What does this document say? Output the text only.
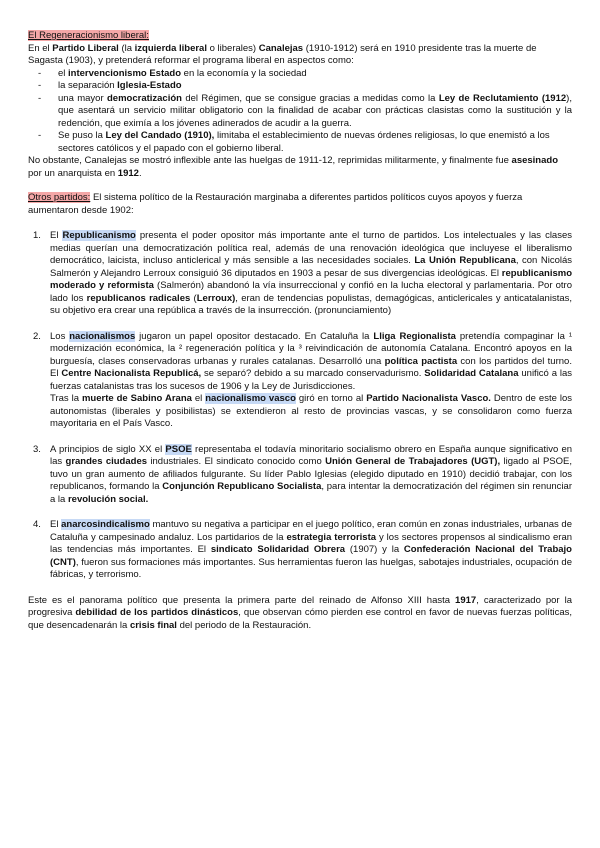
El Regeneracionismo liberal:

En el Partido Liberal (la izquierda liberal o liberales) Canalejas (1910-1912) será en 1910 presidente tras la muerte de Sagasta (1903), y pretenderá reformar el programa liberal en aspectos como:

- el intervencionismo Estado en la economía y la sociedad
- la separación Iglesia-Estado
- una mayor democratización del Régimen, que se consigue gracias a medidas como la Ley de Reclutamiento (1912), que asentará un servicio militar obligatorio con la finalidad de acabar con prácticas clasistas como la sustitución y la redención, que eximía a los jóvenes adinerados de acudir a la guerra.
- Se puso la Ley del Candado (1910), limitaba el establecimiento de nuevas órdenes religiosas, lo que enemistó a los sectores católicos y el papado con el gobierno liberal.

No obstante, Canalejas se mostró inflexible ante las huelgas de 1911-12, reprimidas militarmente, y finalmente fue asesinado por un anarquista en 1912.

Otros partidos: El sistema político de la Restauración marginaba a diferentes partidos políticos cuyos apoyos y fuerza aumentaron desde 1902:

1. El Republicanismo presenta el poder opositor más importante ante el turno de partidos. Los intelectuales y las clases medias querían una democratización política real, además de una renovación ideológica que incluyese el liberalismo democrático, laicista, incluso anticlerical y más sensible a las necesidades sociales. La Unión Republicana, con Nicolás Salmerón y Alejandro Lerroux consiguió 36 diputados en 1903 a pesar de sus divergencias ideológicas. El republicanismo moderado y reformista (Salmerón) abandonó la vía insurreccional y confió en la lucha electoral y parlamentaria. Por otro lado los republicanos radicales (Lerroux), eran de tendencias populistas, demagógicas, anticlericales y anticatalanistas, su objetivo era crear una república a través de la insurrección. (pronunciamiento)
2. Los nacionalismos jugaron un papel opositor destacado. En Cataluña la Lliga Regionalista pretendía compaginar la ¹ modernización económica, la ² regeneración política y la ³ reivindicación de autonomía Catalana. Encontró apoyos en la burguesía, clases conservadoras urbanas y rurales catalanas. Desarrolló una política pactista con los partidos del turno. El Centre Nacionalista Republicá, se separó? debido a su marcado conservadurismo. Solidaridad Catalana unificó a las fuerzas catalanistas tras los sucesos de 1906 y la Ley de Jurisdicciones.

Tras la muerte de Sabino Arana el nacionalismo vasco giró en torno al Partido Nacionalista Vasco. Dentro de este los autonomistas (liberales y posibilistas) se extendieron al resto de provincias vascas, y se consolidaron como fuerza mayoritaria en el País Vasco.

3. A principios de siglo XX el PSOE representaba el todavía minoritario socialismo obrero en España aunque significativo en las grandes ciudades industriales. El sindicato conocido como Unión General de Trabajadores (UGT), ligado al PSOE, tuvo un gran aumento de afiliados fulgurante. Su líder Pablo Iglesias (elegido diputado en 1910) decidió trabajar, con los republicanos, formando la Conjunción Republicano Socialista, para intentar la democratización del régimen sin renunciar a la revolución social.
4. El anarcosindicalismo mantuvo su negativa a participar en el juego político, eran común en zonas industriales, urbanas de Cataluña y campesinado andaluz. Los partidarios de la estrategia terrorista y los sectores propensos al sindicalismo eran las tendencias más importantes. El sindicato Solidaridad Obrera (1907) y la Confederación Nacional del Trabajo (CNT), fueron sus formaciones más importantes. Sus herramientas fueron las huelgas, sabotajes industriales, ocupación de fábricas, y terrorismo.

Este es el panorama político que presenta la primera parte del reinado de Alfonso XIII hasta 1917, caracterizado por la progresiva debilidad de los partidos dinásticos, que observan cómo pierden ese control en favor de nuevas fuerzas políticas, que desencadenarán la crisis final del periodo de la Restauración.
